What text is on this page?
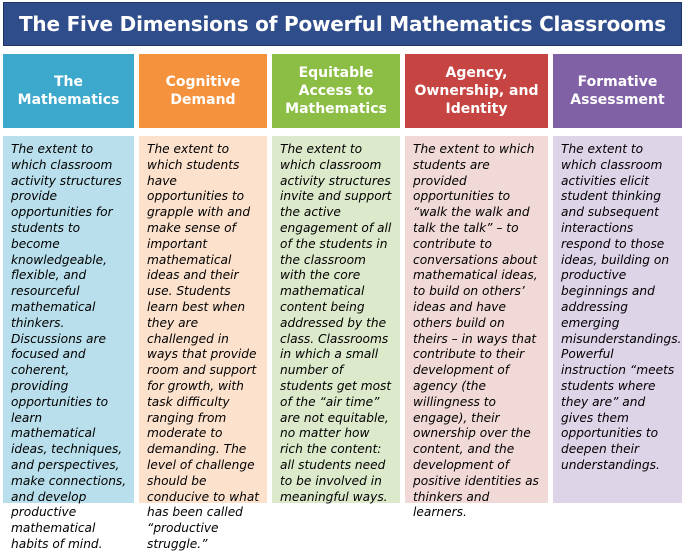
The Five Dimensions of Powerful Mathematics Classrooms
The Mathematics
The extent to which classroom activity structures provide opportunities for students to become knowledgeable, flexible, and resourceful mathematical thinkers. Discussions are focused and coherent, providing opportunities to learn mathematical ideas, techniques, and perspectives, make connections, and develop productive mathematical habits of mind.
Cognitive Demand
The extent to which students have opportunities to grapple with and make sense of important mathematical ideas and their use. Students learn best when they are challenged in ways that provide room and support for growth, with task difficulty ranging from moderate to demanding. The level of challenge should be conducive to what has been called “productive struggle.”
Equitable Access to Mathematics
The extent to which classroom activity structures invite and support the active engagement of all of the students in the classroom with the core mathematical content being addressed by the class. Classrooms in which a small number of students get most of the “air time” are not equitable, no matter how rich the content: all students need to be involved in meaningful ways.
Agency, Ownership, and Identity
The extent to which students are provided opportunities to “walk the walk and talk the talk” – to contribute to conversations about mathematical ideas, to build on others’ ideas and have others build on theirs – in ways that contribute to their development of agency (the willingness to engage), their ownership over the content, and the development of positive identities as thinkers and learners.
Formative Assessment
The extent to which classroom activities elicit student thinking and subsequent interactions respond to those ideas, building on productive beginnings and addressing emerging misunderstandings. Powerful instruction “meets students where they are” and gives them opportunities to deepen their understandings.
